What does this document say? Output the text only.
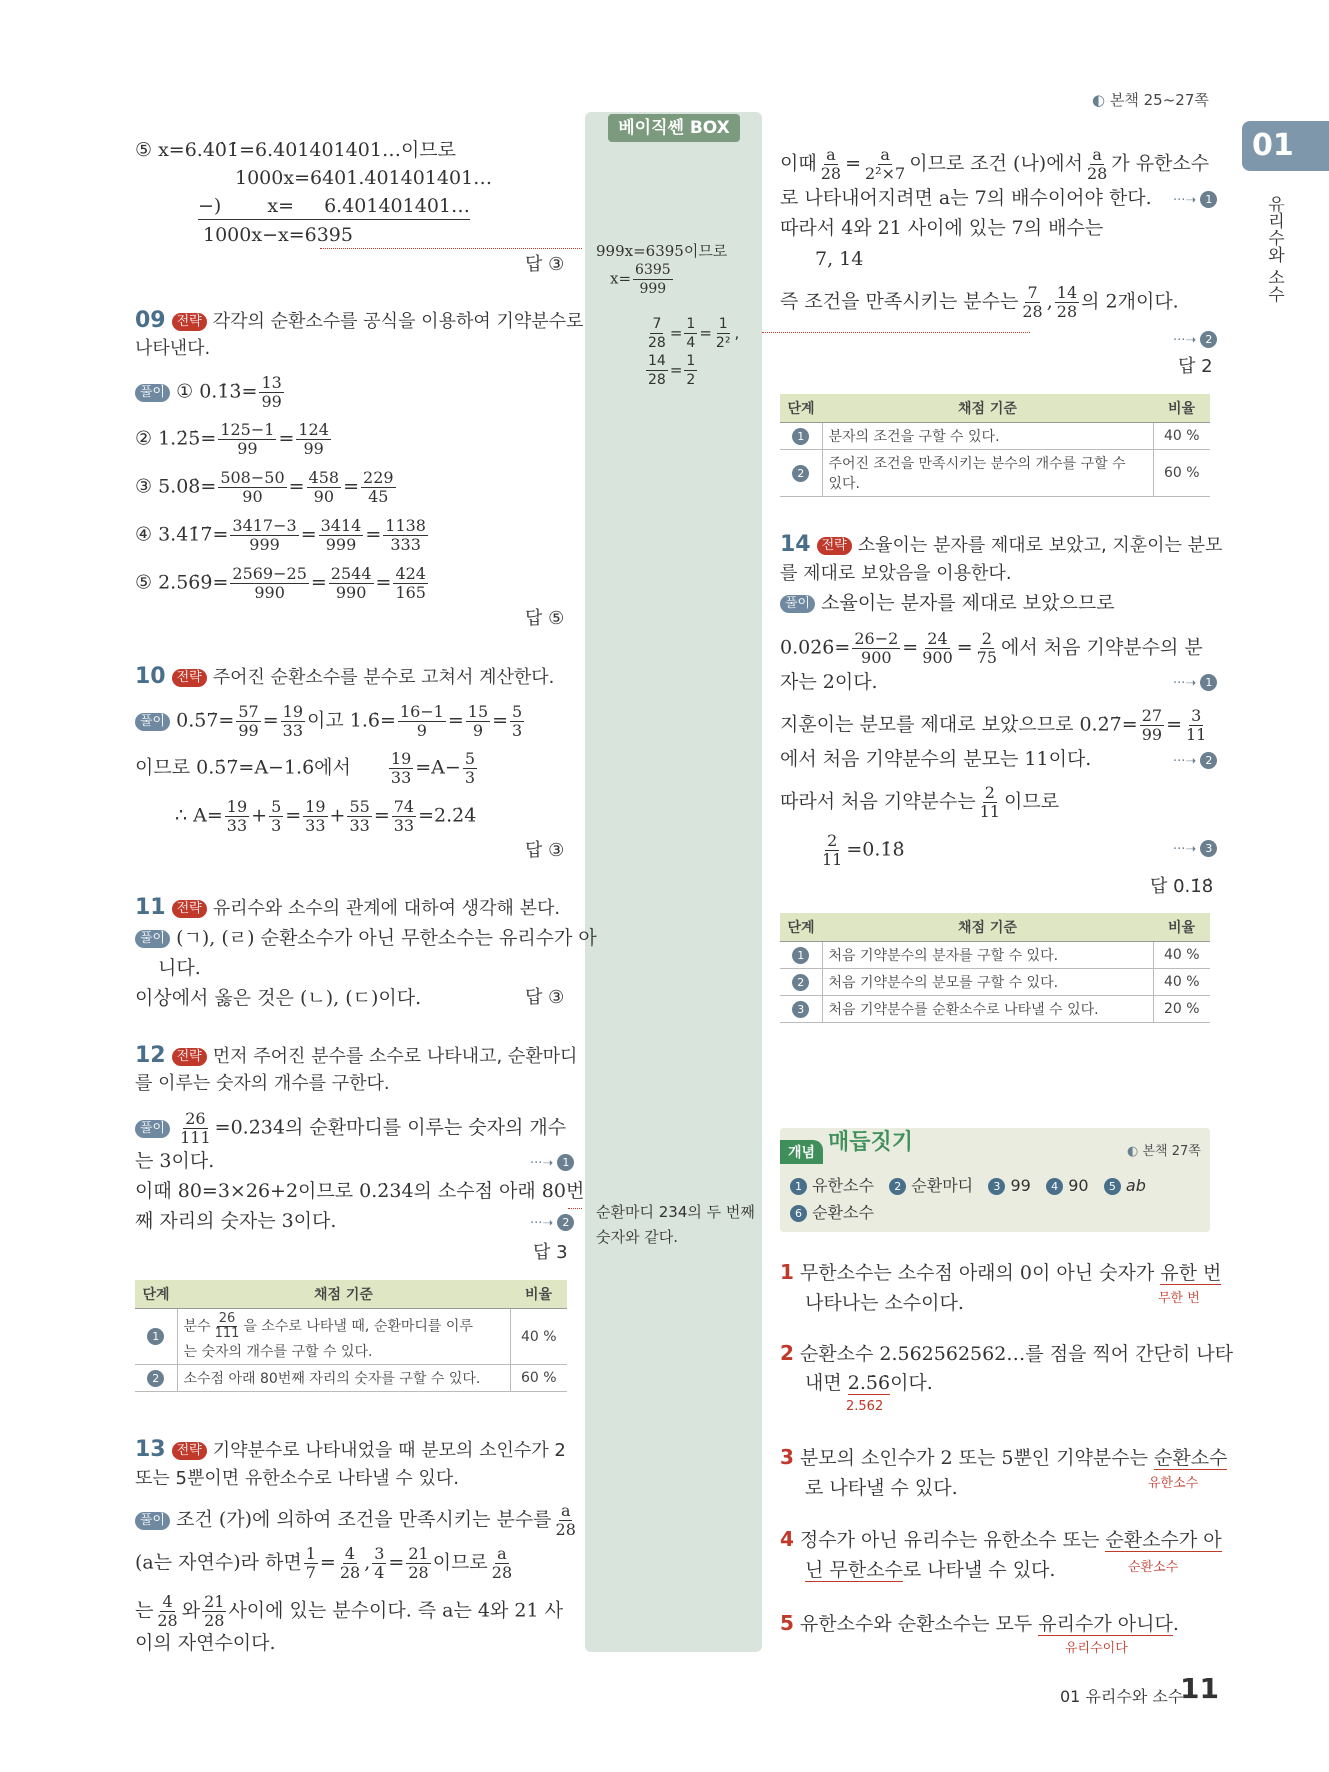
◐ 본책 25~27쪽
01
유리수와 소수
베이직쎈 BOX
999x=6395이므로
$x= \frac{6395}{999}$
$\frac{7}{28} = \frac{1}{4} = \frac{1}{\text{2²}}$ ,
$\frac{14}{28} = \frac{1}{2}$
순환마디 234의 두 번째 숫자와 같다.
⑤ x=6.40̇1̇=6.401401401…이므로
1000x=6401.401401401…
−) x= 6.401401401…
1000x−x=6395
답 ③
09 전략 각각의 순환소수를 공식을 이용하여 기약분수로
나타낸다.
풀이 ① 0.1̇3̇= $\frac{13}{99}$
② 1.2̇5̇= $\frac{125-1}{99} = \frac{124}{99}$
③ 5.08̇= $\frac{508-50}{90} = \frac{458}{90} = \frac{229}{45}$
④ 3.41̇7̇= $\frac{3417-3}{999} = \frac{3414}{999} = \frac{1138}{333}$
⑤ 2.56̇9̇= $\frac{2569-25}{990} = \frac{2544}{990} = \frac{424}{165}$
답 ⑤
10 전략 주어진 순환소수를 분수로 고쳐서 계산한다.
풀이 0.5̇7̇= $\frac{57}{99} = \frac{19}{33}$ 이고 1.6̇= $\frac{16-1}{9} = \frac{15}{9} = \frac{5}{3}$
이므로 0.5̇7̇=A−1.6̇에서 $\frac{19}{33} =A- \frac{5}{3}$
∴ $A= \frac{19}{33} + \frac{5}{3} = \frac{19}{33} + \frac{55}{33} = \frac{74}{33}$ =2.2̇4̇
답 ③
11 전략 유리수와 소수의 관계에 대하여 생각해 본다.
풀이 (ㄱ), (ㄹ) 순환소수가 아닌 무한소수는 유리수가 아
니다.
이상에서 옳은 것은 (ㄴ), (ㄷ)이다.	답 ③
12 전략 먼저 주어진 분수를 소수로 나타내고, 순환마디
를 이루는 숫자의 개수를 구한다.
풀이 $\frac{26}{111}$ =0.2̇34̇의 순환마디를 이루는 숫자의 개수
는 3이다.	···➝ 1
이때 80=3×26+2이므로 0.2̇34̇의 소수점 아래 80번
째 자리의 숫자는 3이다.	···➝ 2
답 3
단계	채점 기준	비율
1	분수 $\frac{26}{111}$ 을 소수로 나타낼 때, 순환마디를 이루
는 숫자의 개수를 구할 수 있다.	40 %
2	소수점 아래 80번째 자리의 숫자를 구할 수 있다.	60 %
13 전략 기약분수로 나타내었을 때 분모의 소인수가 2
또는 5뿐이면 유한소수로 나타낼 수 있다.
풀이 조건 (가)에 의하여 조건을 만족시키는 분수를 $\frac{a}{28}$
(a는 자연수)라 하면 $\frac{1}{7} = \frac{4}{28}$ , $\frac{3}{4} = \frac{21}{28}$ 이므로 $\frac{a}{28}$
는 $\frac{4}{28}$ 와 $\frac{21}{28}$ 사이에 있는 분수이다. 즉 a는 4와 21 사
이의 자연수이다.
이때 $\frac{a}{28} = \frac{a}{\text{2²×7}}$ 이므로 조건 (나)에서 $\frac{a}{28}$ 가 유한소수
로 나타내어지려면 a는 7의 배수이어야 한다. ···➝ 1
따라서 4와 21 사이에 있는 7의 배수는
7, 14
즉 조건을 만족시키는 분수는 $\frac{7}{28}$ , $\frac{14}{28}$ 의 2개이다.
···➝ 2
답 2
단계	채점 기준	비율
1	분자의 조건을 구할 수 있다.	40 %
2	주어진 조건을 만족시키는 분수의 개수를 구할 수
있다.	60 %
14 전략 소율이는 분자를 제대로 보았고, 지훈이는 분모
를 제대로 보았음을 이용한다.
풀이 소율이는 분자를 제대로 보았으므로
0.02̇6̇= $\frac{26-2}{900} = \frac{24}{900} = \frac{2}{75}$ 에서 처음 기약분수의 분
자는 2이다.	···➝ 1
지훈이는 분모를 제대로 보았으므로 0.2̇7̇= $\frac{27}{99} = \frac{3}{11}$
에서 처음 기약분수의 분모는 11이다.	···➝ 2
따라서 처음 기약분수는 $\frac{2}{11}$ 이므로
$\frac{2}{11}$ =0.1̇8̇	···➝ 3
답 0.1̇8̇
단계	채점 기준	비율
1	처음 기약분수의 분자를 구할 수 있다.	40 %
2	처음 기약분수의 분모를 구할 수 있다.	40 %
3	처음 기약분수를 순환소수로 나타낼 수 있다.	20 %
개념 매듭짓기	◐ 본책 27쪽
1 유한소수 2 순환마디 3 99 4 90 5 ab
6 순환소수
1 무한소수는 소수점 아래의 0이 아닌 숫자가 유한 번
무한 번
나타나는 소수이다.
2 순환소수 2.562562562…를 점을 찍어 간단히 나타
내면 2.5̇6̇이다.
2.5̇6̇2̇
3 분모의 소인수가 2 또는 5뿐인 기약분수는 순환소수
유한소수
로 나타낼 수 있다.
4 정수가 아닌 유리수는 유한소수 또는 순환소수가 아
닌 무한소수로 나타낼 수 있다.	순환소수
5 유한소수와 순환소수는 모두 유리수가 아니다.
유리수이다
01 유리수와 소수
11
